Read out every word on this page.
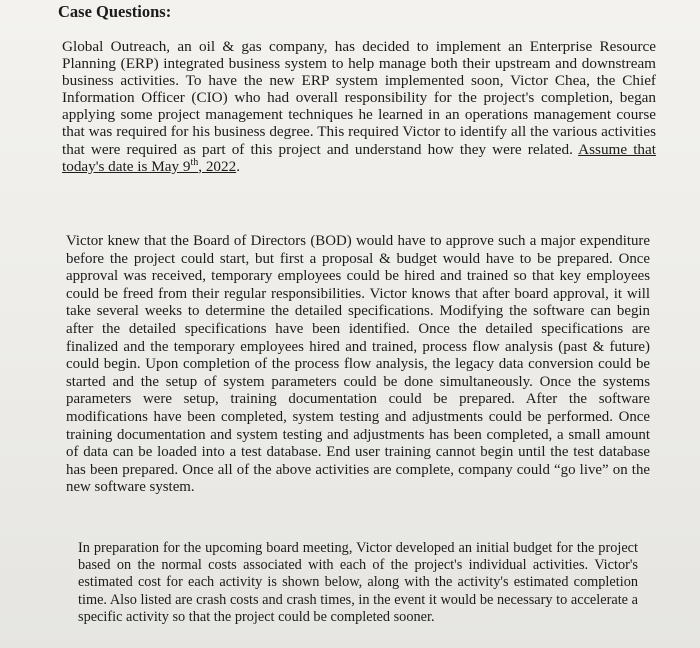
Case Questions:
Global Outreach, an oil & gas company, has decided to implement an Enterprise Resource Planning (ERP) integrated business system to help manage both their upstream and downstream business activities. To have the new ERP system implemented soon, Victor Chea, the Chief Information Officer (CIO) who had overall responsibility for the project's completion, began applying some project management techniques he learned in an operations management course that was required for his business degree. This required Victor to identify all the various activities that were required as part of this project and understand how they were related. Assume that today's date is May 9th, 2022.
Victor knew that the Board of Directors (BOD) would have to approve such a major expenditure before the project could start, but first a proposal & budget would have to be prepared. Once approval was received, temporary employees could be hired and trained so that key employees could be freed from their regular responsibilities. Victor knows that after board approval, it will take several weeks to determine the detailed specifications. Modifying the software can begin after the detailed specifications have been identified. Once the detailed specifications are finalized and the temporary employees hired and trained, process flow analysis (past & future) could begin. Upon completion of the process flow analysis, the legacy data conversion could be started and the setup of system parameters could be done simultaneously. Once the systems parameters were setup, training documentation could be prepared. After the software modifications have been completed, system testing and adjustments could be performed. Once training documentation and system testing and adjustments has been completed, a small amount of data can be loaded into a test database. End user training cannot begin until the test database has been prepared. Once all of the above activities are complete, company could “go live” on the new software system.
In preparation for the upcoming board meeting, Victor developed an initial budget for the project based on the normal costs associated with each of the project's individual activities. Victor's estimated cost for each activity is shown below, along with the activity's estimated completion time. Also listed are crash costs and crash times, in the event it would be necessary to accelerate a specific activity so that the project could be completed sooner.
